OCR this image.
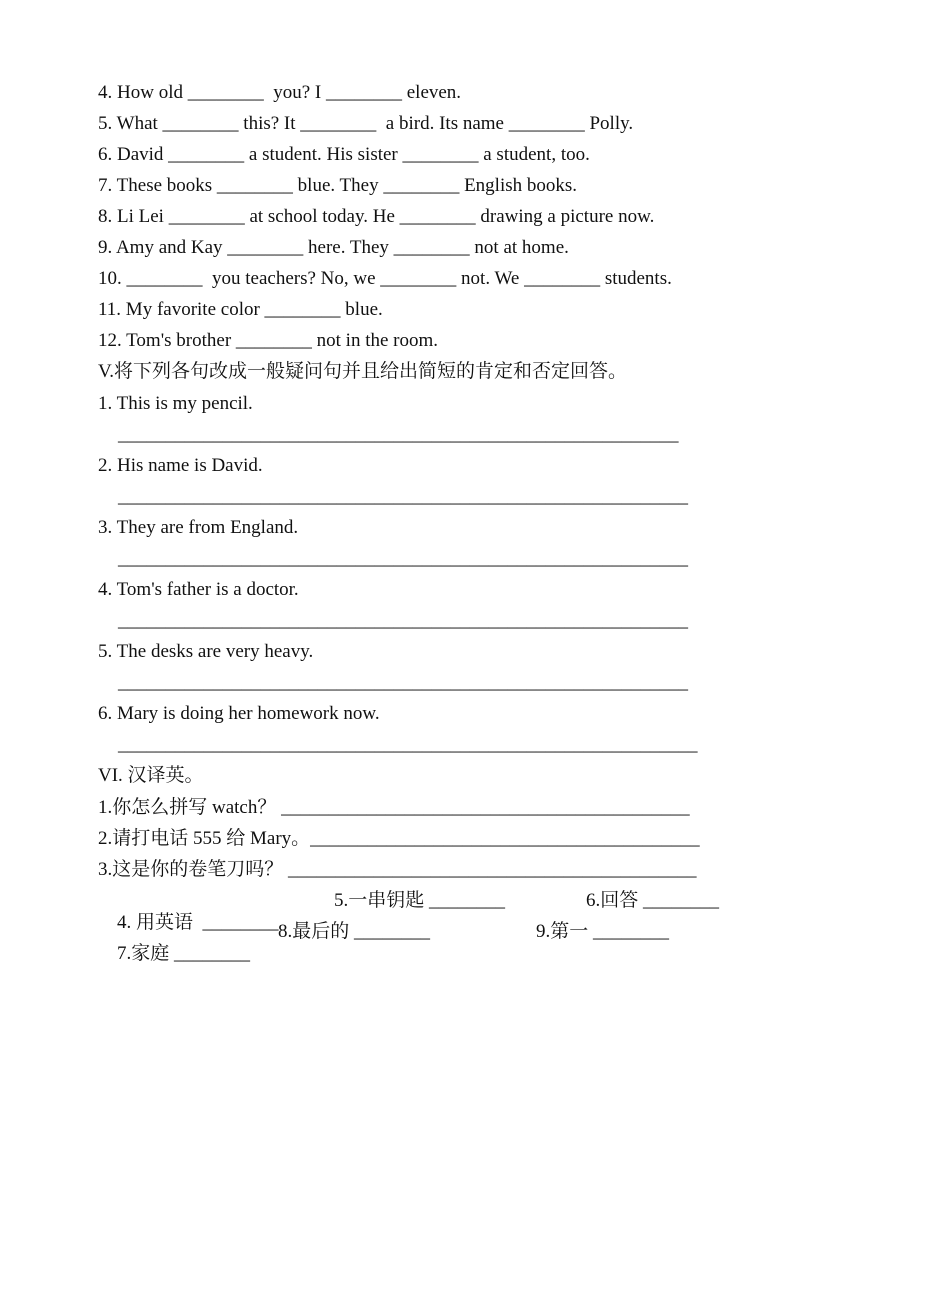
4. How old ________  you? I ________ eleven.
5. What ________ this? It ________  a bird. Its name ________ Polly.
6. David ________ a student. His sister ________ a student, too.
7. These books ________ blue. They ________ English books.
8. Li Lei ________ at school today. He ________ drawing a picture now.
9. Amy and Kay ________ here. They ________ not at home.
10. ________  you teachers? No, we ________ not. We ________ students.
11. My favorite color ________ blue.
12. Tom's brother ________ not in the room.
V.将下列各句改成一般疑问句并且给出简短的肯定和否定回答。
1. This is my pencil.
___________________________________________________________
2. His name is David.
____________________________________________________________
3. They are from England.
____________________________________________________________
4. Tom's father is a doctor.
____________________________________________________________
5. The desks are very heavy.
____________________________________________________________
6. Mary is doing her homework now.
_____________________________________________________________
VI. 汉译英。
1.你怎么拼写 watch？ ___________________________________________
2.请打电话 555 给 Mary。_________________________________________
3.这是你的卷笔刀吗？ ___________________________________________

4. 用英语  ________

5.一串钥匙 ________	6.回答 ________

7.家庭 ________

8.最后的 ________	9.第一 ________
